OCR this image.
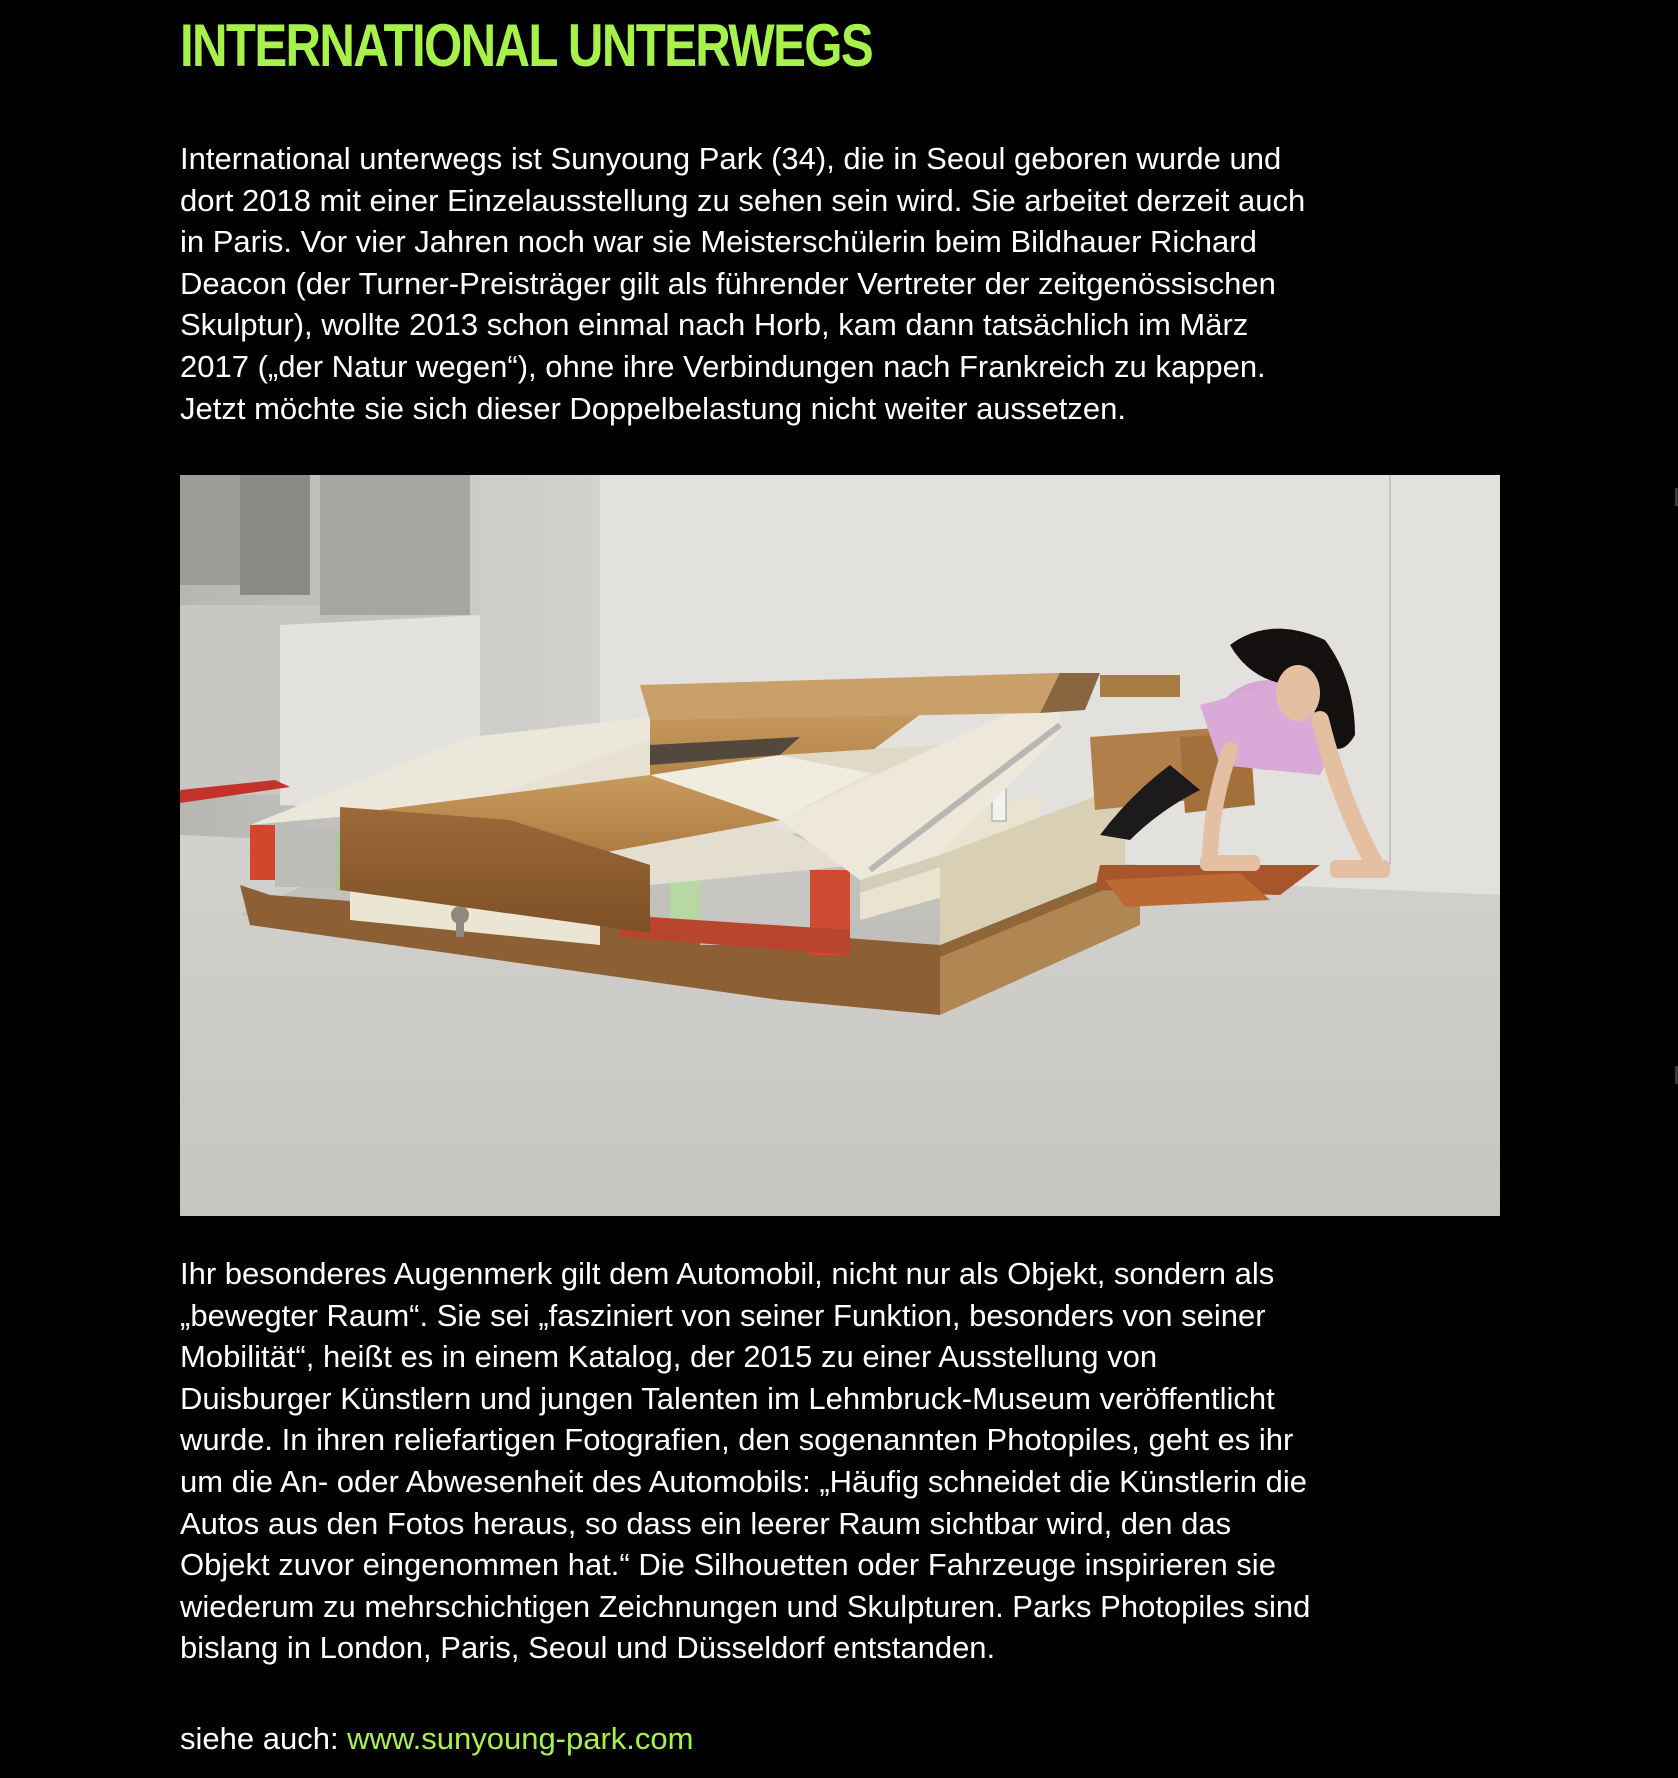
INTERNATIONAL UNTERWEGS

International unterwegs ist Sunyoung Park (34), die in Seoul geboren wurde und
dort 2018 mit einer Einzelausstellung zu sehen sein wird. Sie arbeitet derzeit auch
in Paris. Vor vier Jahren noch war sie Meisterschülerin beim Bildhauer Richard
Deacon (der Turner-Preisträger gilt als führender Vertreter der zeitgenössischen
Skulptur), wollte 2013 schon einmal nach Horb, kam dann tatsächlich im März
2017 („der Natur wegen“), ohne ihre Verbindungen nach Frankreich zu kappen.
Jetzt möchte sie sich dieser Doppelbelastung nicht weiter aussetzen.

Ihr besonderes Augenmerk gilt dem Automobil, nicht nur als Objekt, sondern als
„bewegter Raum“. Sie sei „fasziniert von seiner Funktion, besonders von seiner
Mobilität“, heißt es in einem Katalog, der 2015 zu einer Ausstellung von
Duisburger Künstlern und jungen Talenten im Lehmbruck-Museum veröffentlicht
wurde. In ihren reliefartigen Fotografien, den sogenannten Photopiles, geht es ihr
um die An- oder Abwesenheit des Automobils: „Häufig schneidet die Künstlerin die
Autos aus den Fotos heraus, so dass ein leerer Raum sichtbar wird, den das
Objekt zuvor eingenommen hat.“ Die Silhouetten oder Fahrzeuge inspirieren sie
wiederum zu mehrschichtigen Zeichnungen und Skulpturen. Parks Photopiles sind
bislang in London, Paris, Seoul und Düsseldorf entstanden.

siehe auch: www.sunyoung-park.com
